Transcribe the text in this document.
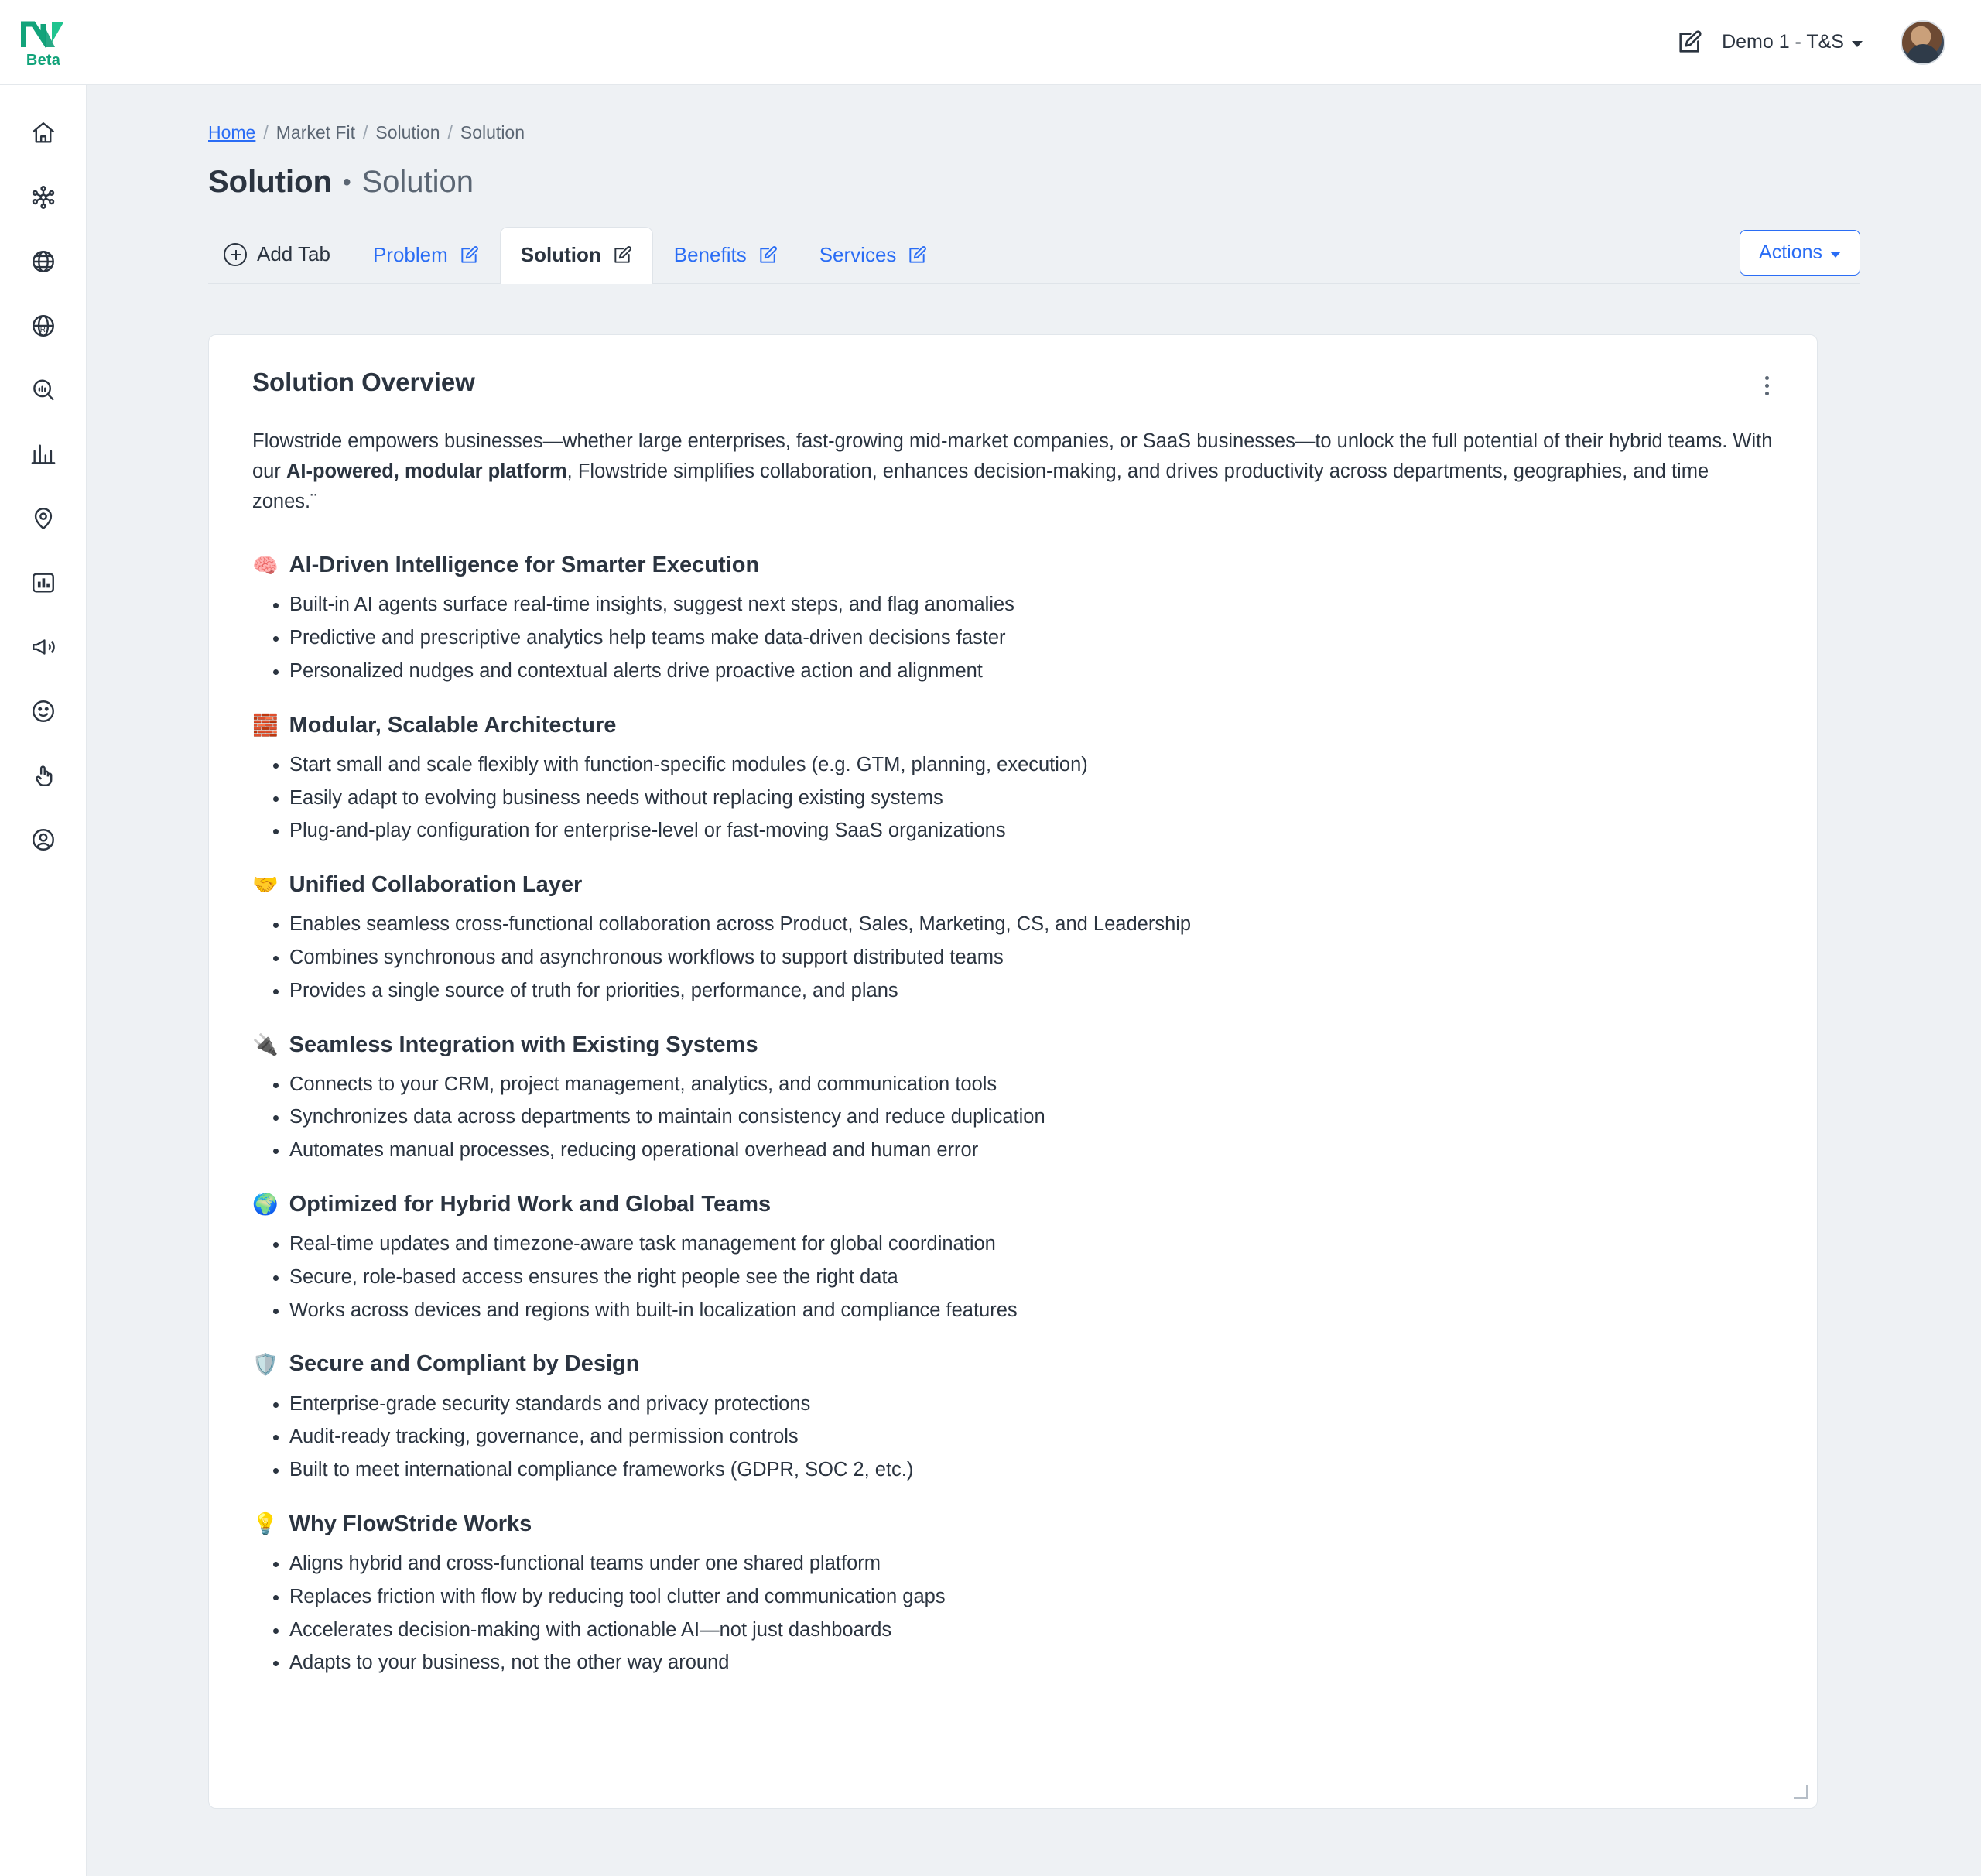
Beta
Demo 1 - T&S
R
Home / Market Fit / Solution / Solution
Solution • Solution
Add Tab Problem	Solution	Benefits	Services	Actions
Solution Overview

Flowstride empowers businesses—whether large enterprises, fast-growing mid-market companies, or SaaS businesses—to unlock the full potential of their hybrid teams. With our AI-powered, modular platform, Flowstride simplifies collaboration, enhances decision-making, and drives productivity across departments, geographies, and time zones.¨

🧠 AI-Driven Intelligence for Smarter Execution
• Built-in AI agents surface real-time insights, suggest next steps, and flag anomalies
• Predictive and prescriptive analytics help teams make data-driven decisions faster
• Personalized nudges and contextual alerts drive proactive action and alignment
🧱 Modular, Scalable Architecture
• Start small and scale flexibly with function-specific modules (e.g. GTM, planning, execution)
• Easily adapt to evolving business needs without replacing existing systems
• Plug-and-play configuration for enterprise-level or fast-moving SaaS organizations
🤝 Unified Collaboration Layer
• Enables seamless cross-functional collaboration across Product, Sales, Marketing, CS, and Leadership
• Combines synchronous and asynchronous workflows to support distributed teams
• Provides a single source of truth for priorities, performance, and plans
🔌 Seamless Integration with Existing Systems
• Connects to your CRM, project management, analytics, and communication tools
• Synchronizes data across departments to maintain consistency and reduce duplication
• Automates manual processes, reducing operational overhead and human error
🌍 Optimized for Hybrid Work and Global Teams
• Real-time updates and timezone-aware task management for global coordination
• Secure, role-based access ensures the right people see the right data
• Works across devices and regions with built-in localization and compliance features
🛡️ Secure and Compliant by Design
• Enterprise-grade security standards and privacy protections
• Audit-ready tracking, governance, and permission controls
• Built to meet international compliance frameworks (GDPR, SOC 2, etc.)
💡 Why FlowStride Works
• Aligns hybrid and cross-functional teams under one shared platform
• Replaces friction with flow by reducing tool clutter and communication gaps
• Accelerates decision-making with actionable AI—not just dashboards
• Adapts to your business, not the other way around
